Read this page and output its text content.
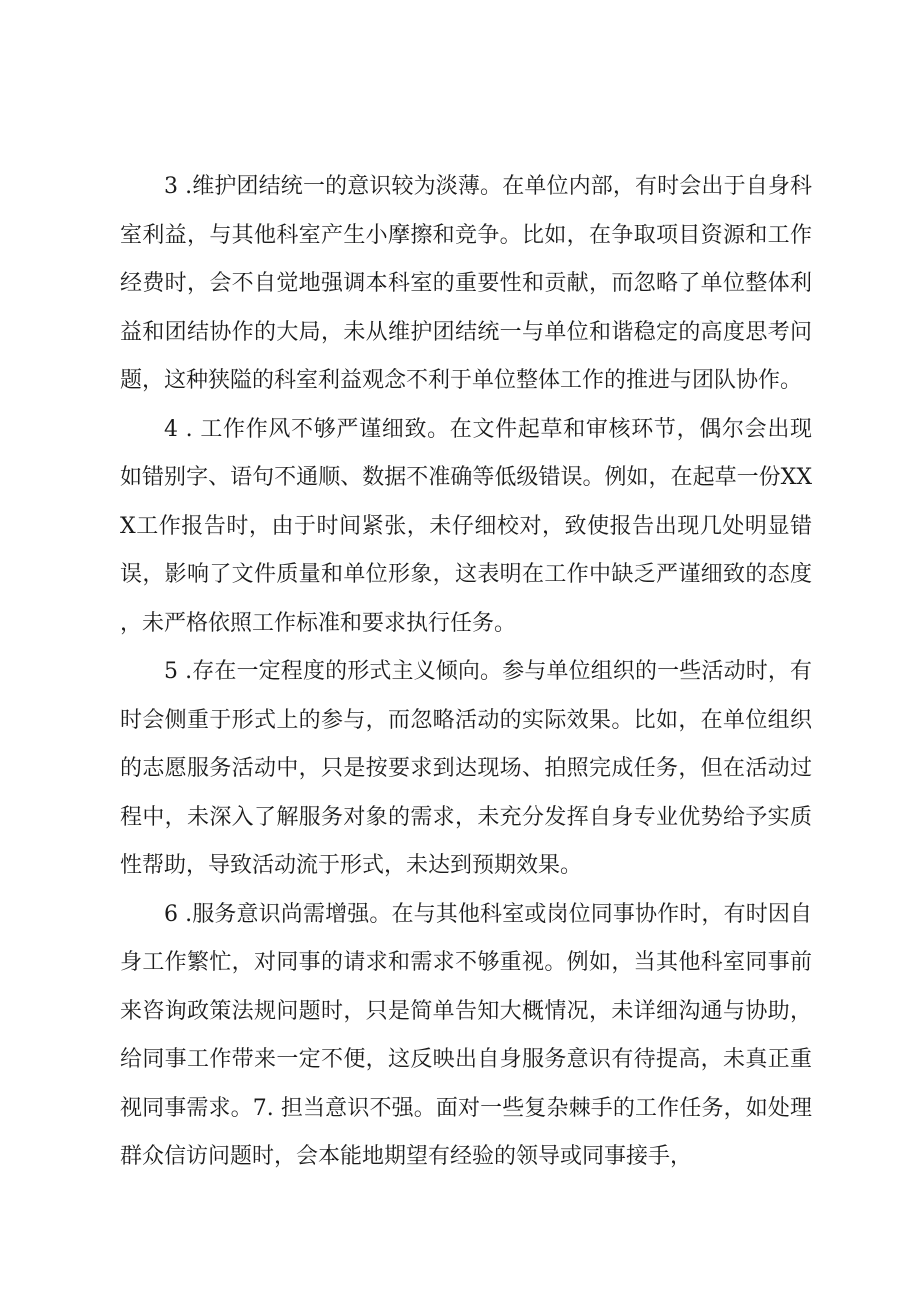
3 .维护团结统一的意识较为淡薄。在单位内部，有时会出于自身科室利益，与其他科室产生小摩擦和竞争。比如，在争取项目资源和工作经费时，会不自觉地强调本科室的重要性和贡献，而忽略了单位整体利益和团结协作的大局，未从维护团结统一与单位和谐稳定的高度思考问题，这种狭隘的科室利益观念不利于单位整体工作的推进与团队协作。

4 . 工作作风不够严谨细致。在文件起草和审核环节，偶尔会出现如错别字、语句不通顺、数据不准确等低级错误。例如，在起草一份XXX工作报告时，由于时间紧张，未仔细校对，致使报告出现几处明显错误，影响了文件质量和单位形象，这表明在工作中缺乏严谨细致的态度，未严格依照工作标准和要求执行任务。

5 .存在一定程度的形式主义倾向。参与单位组织的一些活动时，有时会侧重于形式上的参与，而忽略活动的实际效果。比如，在单位组织的志愿服务活动中，只是按要求到达现场、拍照完成任务，但在活动过程中，未深入了解服务对象的需求，未充分发挥自身专业优势给予实质性帮助，导致活动流于形式，未达到预期效果。

6 .服务意识尚需增强。在与其他科室或岗位同事协作时，有时因自身工作繁忙，对同事的请求和需求不够重视。例如，当其他科室同事前来咨询政策法规问题时，只是简单告知大概情况，未详细沟通与协助，给同事工作带来一定不便，这反映出自身服务意识有待提高，未真正重视同事需求。7. 担当意识不强。面对一些复杂棘手的工作任务，如处理群众信访问题时，会本能地期望有经验的领导或同事接手，
